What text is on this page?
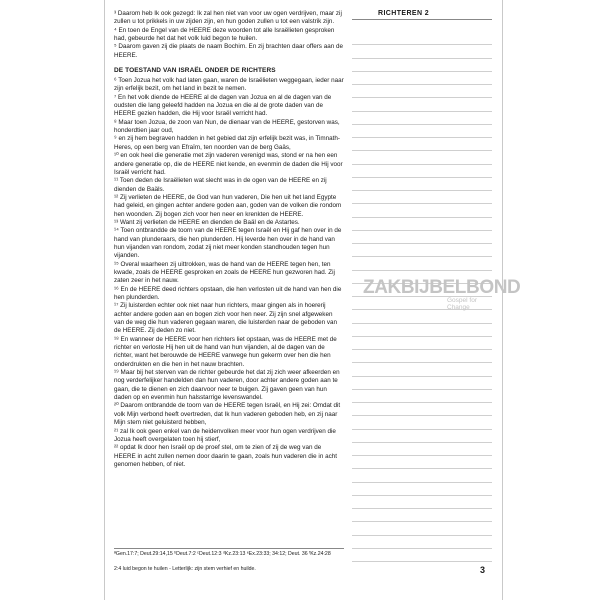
RICHTEREN 2

³ Daarom heb Ik ook gezegd: Ik zal hen niet van voor uw ogen verdrijven, maar zij zullen u tot prikkels in uw zijden zijn, en hun goden zullen u tot een valstrik zijn.

⁴ En toen de Engel van de HEERE deze woorden tot alle Israëlieten gesproken had, gebeurde het dat het volk luid begon te huilen.

⁵ Daarom gaven zij die plaats de naam Bochim. En zij brachten daar offers aan de HEERE.

DE TOESTAND VAN ISRAËL ONDER DE RICHTERS

⁶ Toen Jozua het volk had laten gaan, waren de Israëlieten weggegaan, ieder naar zijn erfelijk bezit, om het land in bezit te nemen.

⁷ En het volk diende de HEERE al de dagen van Jozua en al de dagen van de oudsten die lang geleefd hadden na Jozua en die al de grote daden van de HEERE gezien hadden, die Hij voor Israël verricht had.

⁸ Maar toen Jozua, de zoon van Nun, de dienaar van de HEERE, gestorven was, honderdtien jaar oud,

⁹ en zij hem begraven hadden in het gebied dat zijn erfelijk bezit was, in Timnath-Heres, op een berg van Efraïm, ten noorden van de berg Gaäs,

¹⁰ en ook heel die generatie met zijn vaderen verenigd was, stond er na hen een andere generatie op, die de HEERE niet kende, en evenmin de daden die Hij voor Israël verricht had.

¹¹ Toen deden de Israëlieten wat slecht was in de ogen van de HEERE en zij dienden de Baäls.

¹² Zij verlieten de HEERE, de God van hun vaderen, Die hen uit het land Egypte had geleid, en gingen achter andere goden aan, goden van de volken die rondom hen woonden. Zij bogen zich voor hen neer en krenkten de HEERE.

¹³ Want zij verlieten de HEERE en dienden de Baäl en de Astartes.

¹⁴ Toen ontbrandde de toorn van de HEERE tegen Israël en Hij gaf hen over in de hand van plunderaars, die hen plunderden. Hij leverde hen over in de hand van hun vijanden van rondom, zodat zij niet meer konden standhouden tegen hun vijanden.

¹⁵ Overal waarheen zij uittrokken, was de hand van de HEERE tegen hen, ten kwade, zoals de HEERE gesproken en zoals de HEERE hun gezworen had. Zij zaten zeer in het nauw.

¹⁶ En de HEERE deed richters opstaan, die hen verlosten uit de hand van hen die hen plunderden.

¹⁷ Zij luisterden echter ook niet naar hun richters, maar gingen als in hoererij achter andere goden aan en bogen zich voor hen neer. Zij zijn snel afgeweken van de weg die hun vaderen gegaan waren, die luisterden naar de geboden van de HEERE. Zij deden zo niet.

¹⁸ En wanneer de HEERE voor hen richters liet opstaan, was de HEERE met de richter en verloste Hij hen uit de hand van hun vijanden, al de dagen van de richter, want het berouwde de HEERE vanwege hun gekerm over hen die hen onderdrukten en die hen in het nauw brachten.

¹⁹ Maar bij het sterven van de richter gebeurde het dat zij zich weer afkeerden en nog verderfelijker handelden dan hun vaderen, door achter andere goden aan te gaan, die te dienen en zich daarvoor neer te buigen. Zij gaven geen van hun daden op en evenmin hun halsstarrige levenswandel.

²⁰ Daarom ontbrandde de toorn van de HEERE tegen Israël, en Hij zei: Omdat dit volk Mijn verbond heeft overtreden, dat Ik hun vaderen geboden heb, en zij naar Mijn stem niet geluisterd hebben,

²¹ zal Ik ook geen enkel van de heidenvolken meer voor hun ogen verdrijven die Jozua heeft overgelaten toen hij stierf,

²² opdat Ik door hen Israël op de proef stel, om te zien of zij de weg van de HEERE in acht zullen nemen door daarin te gaan, zoals hun vaderen die in acht genomen hebben, of niet.

ªGen.17:7; Deut.29:14,15 ᵇDeut.7:2 ᶜDeut.12:3 ᵈKz.23:13 ᵉEx.23:33; 34:12; Deut. 36 ᶠKz.24:28

2:4 luid begon te huilen - Letterlijk: zijn stem verhief en huilde.

ZAKBIJBELBOND
Gospel for Change
3
